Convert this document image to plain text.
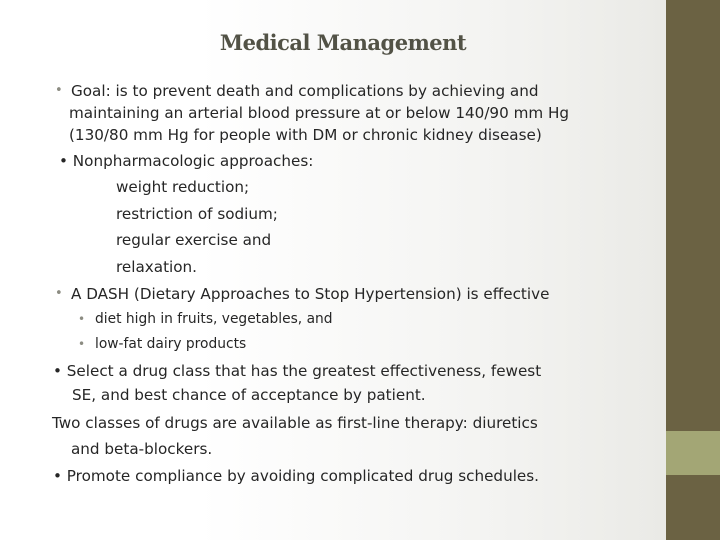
Medical Management
• Goal: is to prevent death and complications by achieving and
maintaining an arterial blood pressure at or below 140/90 mm Hg
(130/80 mm Hg for people with DM or chronic kidney disease)
• Nonpharmacologic approaches:
weight reduction;
restriction of sodium;
regular exercise and
relaxation.
• A DASH (Dietary Approaches to Stop Hypertension) is effective
• diet high in fruits, vegetables, and
• low-fat dairy products
• Select a drug class that has the greatest effectiveness, fewest
SE, and best chance of acceptance by patient.
Two classes of drugs are available as first-line therapy: diuretics
and beta-blockers.
• Promote compliance by avoiding complicated drug schedules.
